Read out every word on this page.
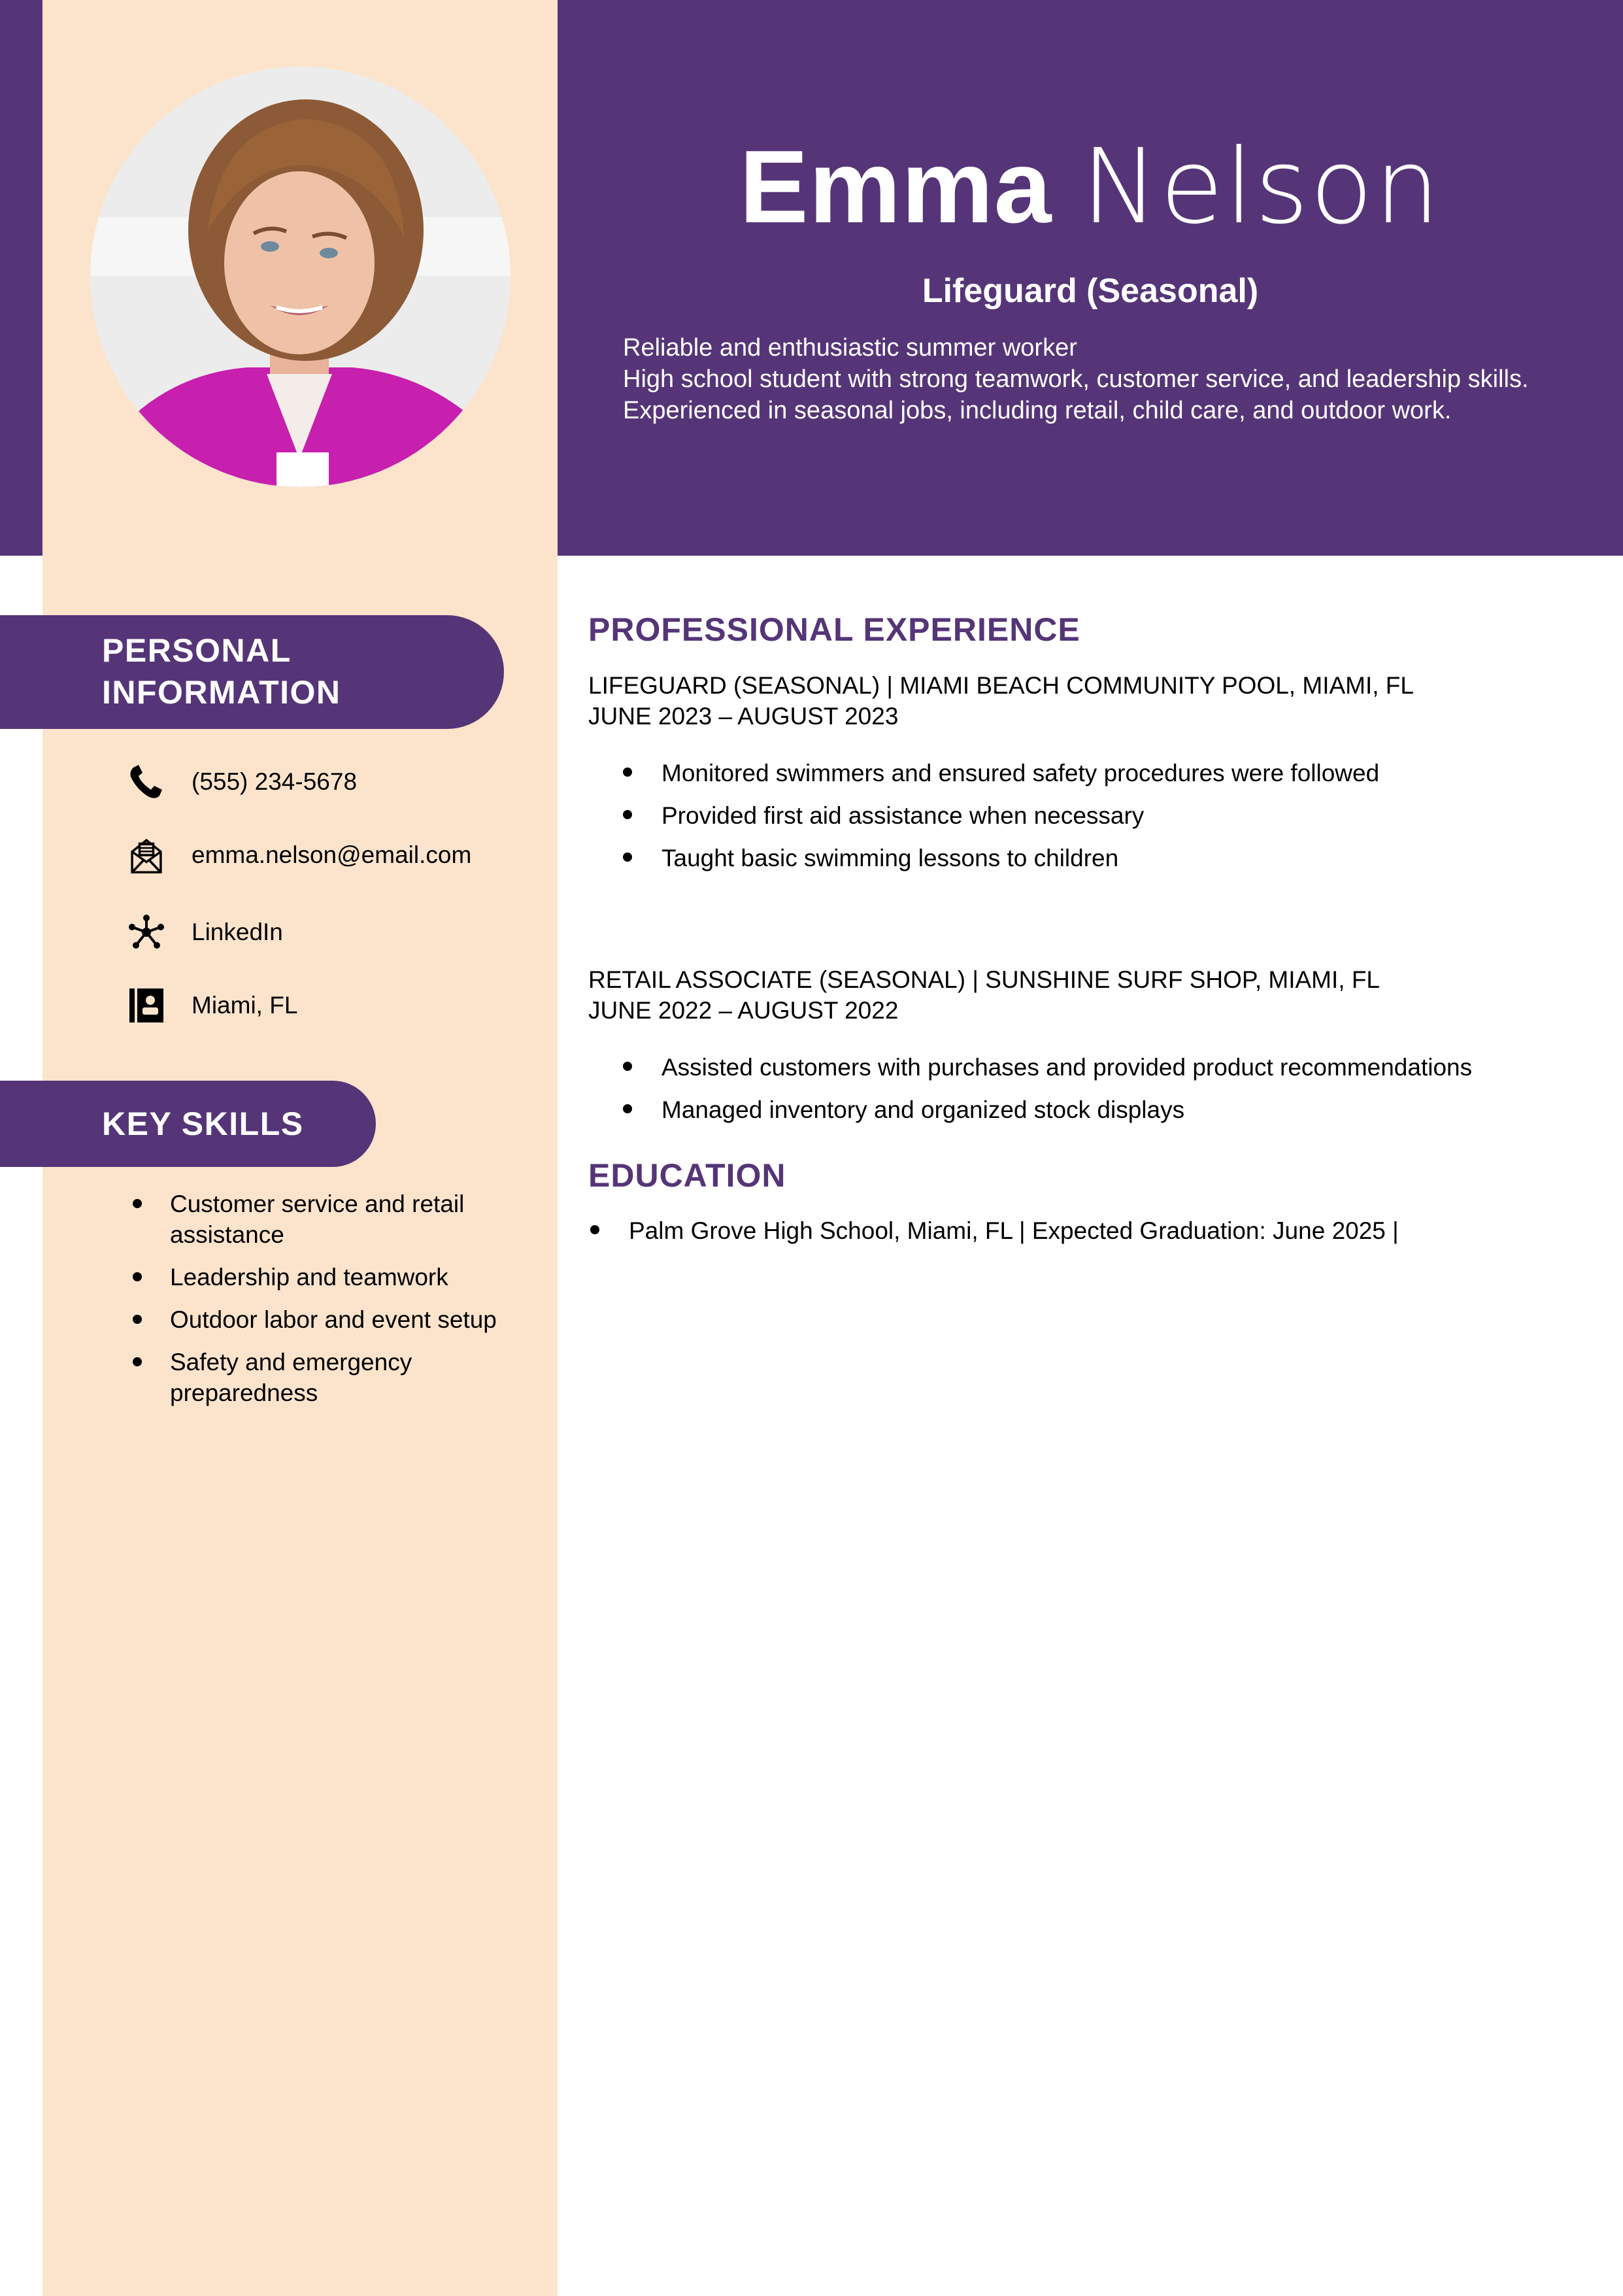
Emma Nelson
Lifeguard (Seasonal)
Reliable and enthusiastic summer worker
High school student with strong teamwork, customer service, and leadership skills.
Experienced in seasonal jobs, including retail, child care, and outdoor work.
PERSONAL
INFORMATION
(555) 234-5678
emma.nelson@email.com
LinkedIn
Miami, FL
KEY SKILLS
Customer service and retail assistance
Leadership and teamwork
Outdoor labor and event setup
Safety and emergency preparedness
PROFESSIONAL EXPERIENCE
LIFEGUARD (SEASONAL) | MIAMI BEACH COMMUNITY POOL, MIAMI, FL
JUNE 2023 – AUGUST 2023
Monitored swimmers and ensured safety procedures were followed
Provided first aid assistance when necessary
Taught basic swimming lessons to children
RETAIL ASSOCIATE (SEASONAL) | SUNSHINE SURF SHOP, MIAMI, FL
JUNE 2022 – AUGUST 2022
Assisted customers with purchases and provided product recommendations
Managed inventory and organized stock displays
EDUCATION
Palm Grove High School, Miami, FL | Expected Graduation: June 2025 |
